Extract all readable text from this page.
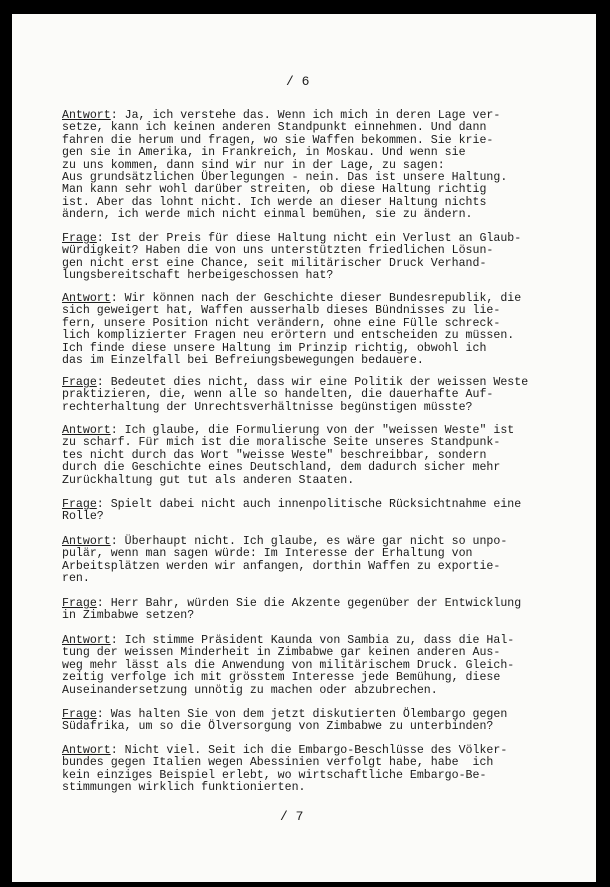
/ 6
Antwort: Ja, ich verstehe das. Wenn ich mich in deren Lage ver-
setze, kann ich keinen anderen Standpunkt einnehmen. Und dann
fahren die herum und fragen, wo sie Waffen bekommen. Sie krie-
gen sie in Amerika, in Frankreich, in Moskau. Und wenn sie
zu uns kommen, dann sind wir nur in der Lage, zu sagen:
Aus grundsätzlichen Überlegungen - nein. Das ist unsere Haltung.
Man kann sehr wohl darüber streiten, ob diese Haltung richtig
ist. Aber das lohnt nicht. Ich werde an dieser Haltung nichts
ändern, ich werde mich nicht einmal bemühen, sie zu ändern.
Frage: Ist der Preis für diese Haltung nicht ein Verlust an Glaub-
würdigkeit? Haben die von uns unterstützten friedlichen Lösun-
gen nicht erst eine Chance, seit militärischer Druck Verhand-
lungsbereitschaft herbeigeschossen hat?
Antwort: Wir können nach der Geschichte dieser Bundesrepublik, die
sich geweigert hat, Waffen ausserhalb dieses Bündnisses zu lie-
fern, unsere Position nicht verändern, ohne eine Fülle schreck-
lich komplizierter Fragen neu erörtern und entscheiden zu müssen.
Ich finde diese unsere Haltung im Prinzip richtig, obwohl ich
das im Einzelfall bei Befreiungsbewegungen bedauere.
Frage: Bedeutet dies nicht, dass wir eine Politik der weissen Weste
praktizieren, die, wenn alle so handelten, die dauerhafte Auf-
rechterhaltung der Unrechtsverhältnisse begünstigen müsste?
Antwort: Ich glaube, die Formulierung von der "weissen Weste" ist
zu scharf. Für mich ist die moralische Seite unseres Standpunk-
tes nicht durch das Wort "weisse Weste" beschreibbar, sondern
durch die Geschichte eines Deutschland, dem dadurch sicher mehr
Zurückhaltung gut tut als anderen Staaten.
Frage: Spielt dabei nicht auch innenpolitische Rücksichtnahme eine
Rolle?
Antwort: Überhaupt nicht. Ich glaube, es wäre gar nicht so unpo-
pulär, wenn man sagen würde: Im Interesse der Erhaltung von
Arbeitsplätzen werden wir anfangen, dorthin Waffen zu exportie-
ren.
Frage: Herr Bahr, würden Sie die Akzente gegenüber der Entwicklung
in Zimbabwe setzen?
Antwort: Ich stimme Präsident Kaunda von Sambia zu, dass die Hal-
tung der weissen Minderheit in Zimbabwe gar keinen anderen Aus-
weg mehr lässt als die Anwendung von militärischem Druck. Gleich-
zeitig verfolge ich mit grösstem Interesse jede Bemühung, diese
Auseinandersetzung unnötig zu machen oder abzubrechen.
Frage: Was halten Sie von dem jetzt diskutierten Ölembargo gegen
Südafrika, um so die Ölversorgung von Zimbabwe zu unterbinden?
Antwort: Nicht viel. Seit ich die Embargo-Beschlüsse des Völker-
bundes gegen Italien wegen Abessinien verfolgt habe, habe  ich
kein einziges Beispiel erlebt, wo wirtschaftliche Embargo-Be-
stimmungen wirklich funktionierten.
/ 7
